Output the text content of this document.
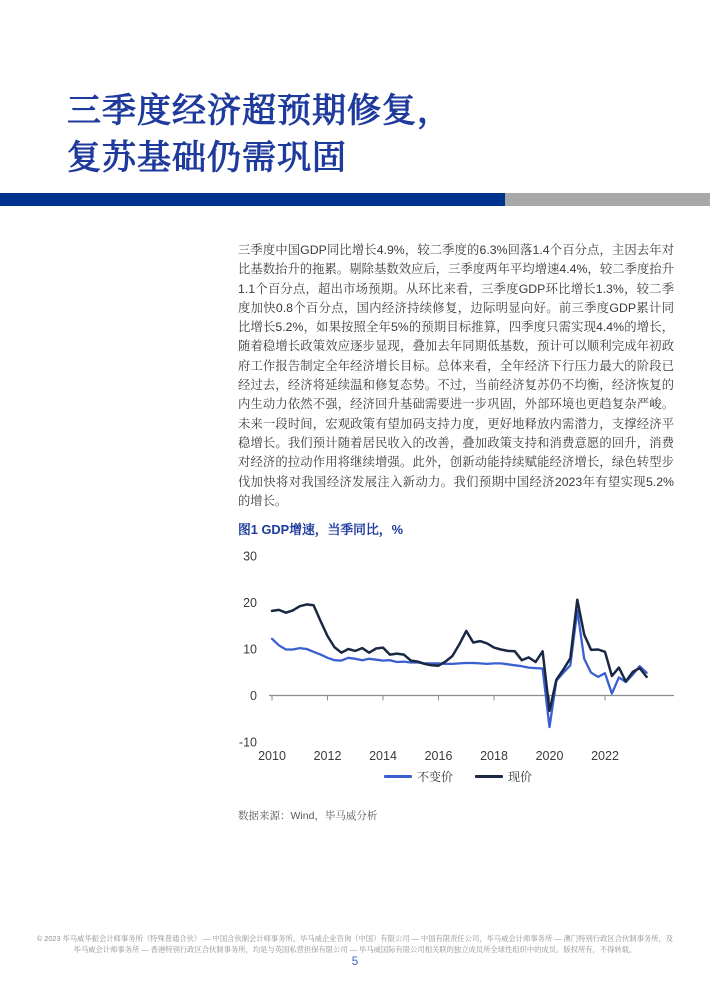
三季度经济超预期修复，
复苏基础仍需巩固

三季度中国GDP同比增长4.9%，较二季度的6.3%回落1.4个百分点，主因去年对比基数抬升的拖累。剔除基数效应后，三季度两年平均增速4.4%，较二季度抬升1.1个百分点，超出市场预期。从环比来看，三季度GDP环比增长1.3%，较二季度加快0.8个百分点，国内经济持续修复，边际明显向好。前三季度GDP累计同比增长5.2%，如果按照全年5%的预期目标推算，四季度只需实现4.4%的增长，随着稳增长政策效应逐步显现，叠加去年同期低基数，预计可以顺利完成年初政府工作报告制定全年经济增长目标。总体来看，全年经济下行压力最大的阶段已经过去，经济将延续温和修复态势。不过，当前经济复苏仍不均衡，经济恢复的内生动力依然不强，经济回升基础需要进一步巩固，外部环境也更趋复杂严峻。未来一段时间，宏观政策有望加码支持力度，更好地释放内需潜力，支撑经济平稳增长。我们预计随着居民收入的改善，叠加政策支持和消费意愿的回升，消费对经济的拉动作用将继续增强。此外，创新动能持续赋能经济增长，绿色转型步伐加快将对我国经济发展注入新动力。我们预期中国经济2023年有望实现5.2%的增长。

图1 GDP增速，当季同比，%
2010 2012 2014 2016 2018 2020 2022
30
20
10
0
-10
不变价	现价
数据来源：Wind，毕马威分析
© 2023 毕马威华振会计师事务所（特殊普通合伙） — 中国合伙制会计师事务所，毕马威企业咨询（中国）有限公司 — 中国有限责任公司，毕马威会计师事务所 — 澳门特别行政区合伙制事务所，及毕马威会计师事务所 — 香港特别行政区合伙制事务所，均是与英国私营担保有限公司 — 毕马威国际有限公司相关联的独立成员所全球性组织中的成员。版权所有，不得转载。
5
